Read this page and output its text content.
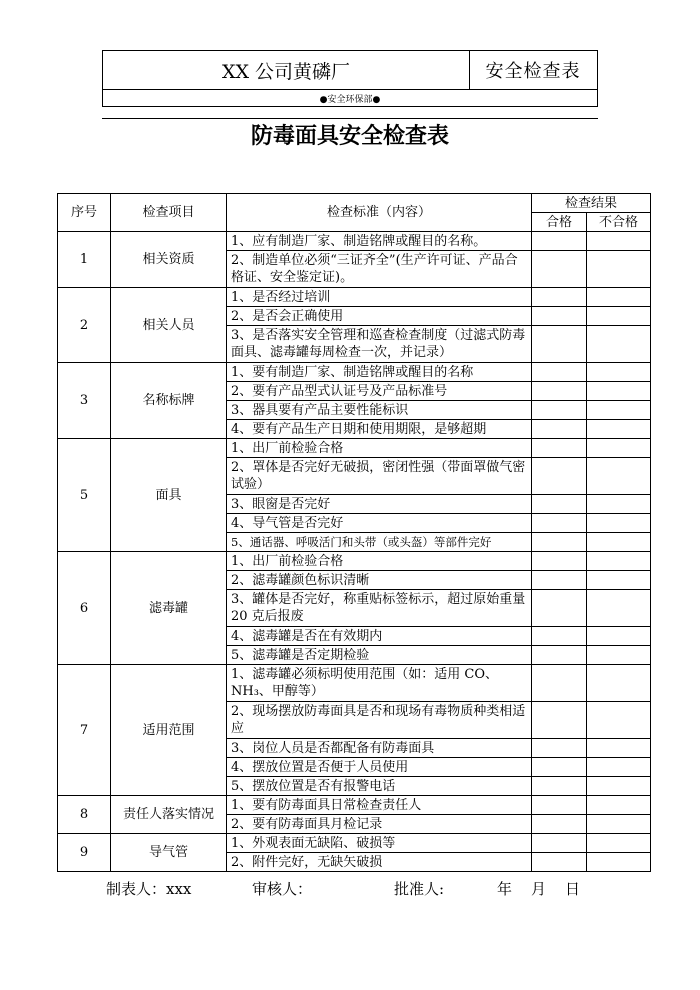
XX 公司黄磷厂	安全检查表
●安全环保部●
防毒面具安全检查表
序号	检查项目	检查标准（内容）	检查结果	
			合格	不合格
1	相关资质	1、应有制造厂家、制造铭牌或醒目的名称。		
		2、制造单位必须“三证齐全”(生产许可证、产品合格证、安全鉴定证)。		
2	相关人员	1、是否经过培训		
		2、是否会正确使用		
		3、是否落实安全管理和巡查检查制度（过滤式防毒面具、滤毒罐每周检查一次，并记录）		
3	名称标牌	1、要有制造厂家、制造铭牌或醒目的名称		
		2、要有产品型式认证号及产品标准号		
		3、器具要有产品主要性能标识		
		4、要有产品生产日期和使用期限，是够超期		
5	面具	1、出厂前检验合格		
		2、罩体是否完好无破损，密闭性强（带面罩做气密试验）		
		3、眼窗是否完好		
		4、导气管是否完好		
		5、通话器、呼吸活门和头带（或头盔）等部件完好		
6	滤毒罐	1、出厂前检验合格		
		2、滤毒罐颜色标识清晰		
		3、罐体是否完好，称重贴标签标示，超过原始重量 20 克后报废		
		4、滤毒罐是否在有效期内		
		5、滤毒罐是否定期检验		
7	适用范围	1、滤毒罐必须标明使用范围（如：适用 CO、NH₃、甲醇等）		
		2、现场摆放防毒面具是否和现场有毒物质种类相适应		
		3、岗位人员是否都配备有防毒面具		
		4、摆放位置是否便于人员使用		
		5、摆放位置是否有报警电话		
8	责任人落实情况	1、要有防毒面具日常检查责任人		
		2、要有防毒面具月检记录		
9	导气管	1、外观表面无缺陷、破损等		
		2、附件完好，无缺矢破损		
制表人：xxx	审核人：	批准人:	年 月 日
